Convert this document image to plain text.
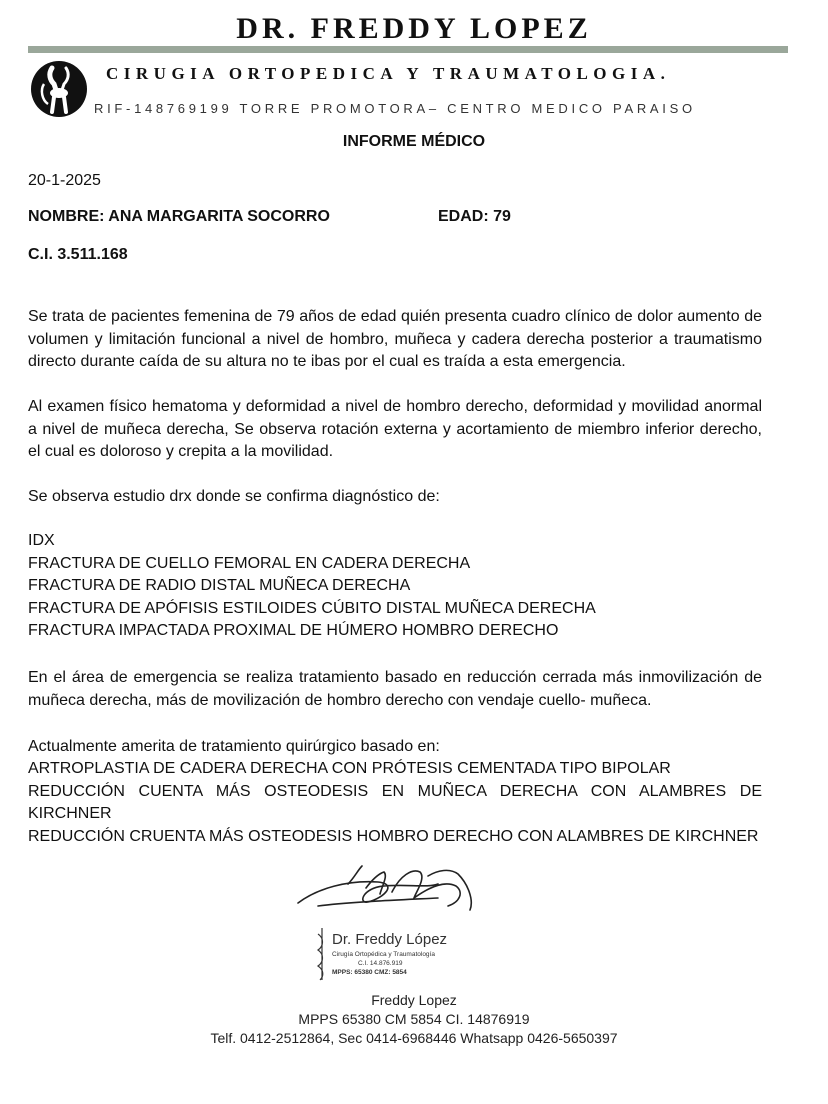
DR. FREDDY LOPEZ
CIRUGIA ORTOPEDICA Y TRAUMATOLOGIA.
RIF-148769199 TORRE PROMOTORA– CENTRO MEDICO PARAISO
INFORME MÉDICO
20-1-2025
NOMBRE: ANA MARGARITA SOCORRO	EDAD: 79
C.I. 3.511.168

Se trata de pacientes femenina de 79 años de edad quién presenta cuadro clínico de dolor aumento de volumen y limitación funcional a nivel de hombro, muñeca y cadera derecha posterior a traumatismo directo durante caída de su altura no te ibas por el cual es traída a esta emergencia.

Al examen físico hematoma y deformidad a nivel de hombro derecho, deformidad y movilidad anormal a nivel de muñeca derecha, Se observa rotación externa y acortamiento de miembro inferior derecho, el cual es doloroso y crepita a la movilidad.

Se observa estudio drx donde se confirma diagnóstico de:

IDX
FRACTURA DE CUELLO FEMORAL EN CADERA DERECHA
FRACTURA DE RADIO DISTAL MUÑECA DERECHA
FRACTURA DE APÓFISIS ESTILOIDES CÚBITO DISTAL MUÑECA DERECHA
FRACTURA IMPACTADA PROXIMAL DE HÚMERO HOMBRO DERECHO

En el área de emergencia se realiza tratamiento basado en reducción cerrada más inmovilización de muñeca derecha, más de movilización de hombro derecho con vendaje cuello- muñeca.

Actualmente amerita de tratamiento quirúrgico basado en:

ARTROPLASTIA DE CADERA DERECHA CON PRÓTESIS CEMENTADA TIPO BIPOLAR
REDUCCIÓN CUENTA MÁS OSTEODESIS EN MUÑECA DERECHA CON ALAMBRES DE KIRCHNER
REDUCCIÓN CRUENTA MÁS OSTEODESIS HOMBRO DERECHO CON ALAMBRES DE KIRCHNER
Dr. Freddy López
Cirugía Ortopédica y Traumatología
C.I. 14.876.919
MPPS: 65380 CMZ: 5854
Freddy Lopez
MPPS 65380 CM 5854 CI. 14876919
Telf. 0412-2512864, Sec 0414-6968446 Whatsapp 0426-5650397
